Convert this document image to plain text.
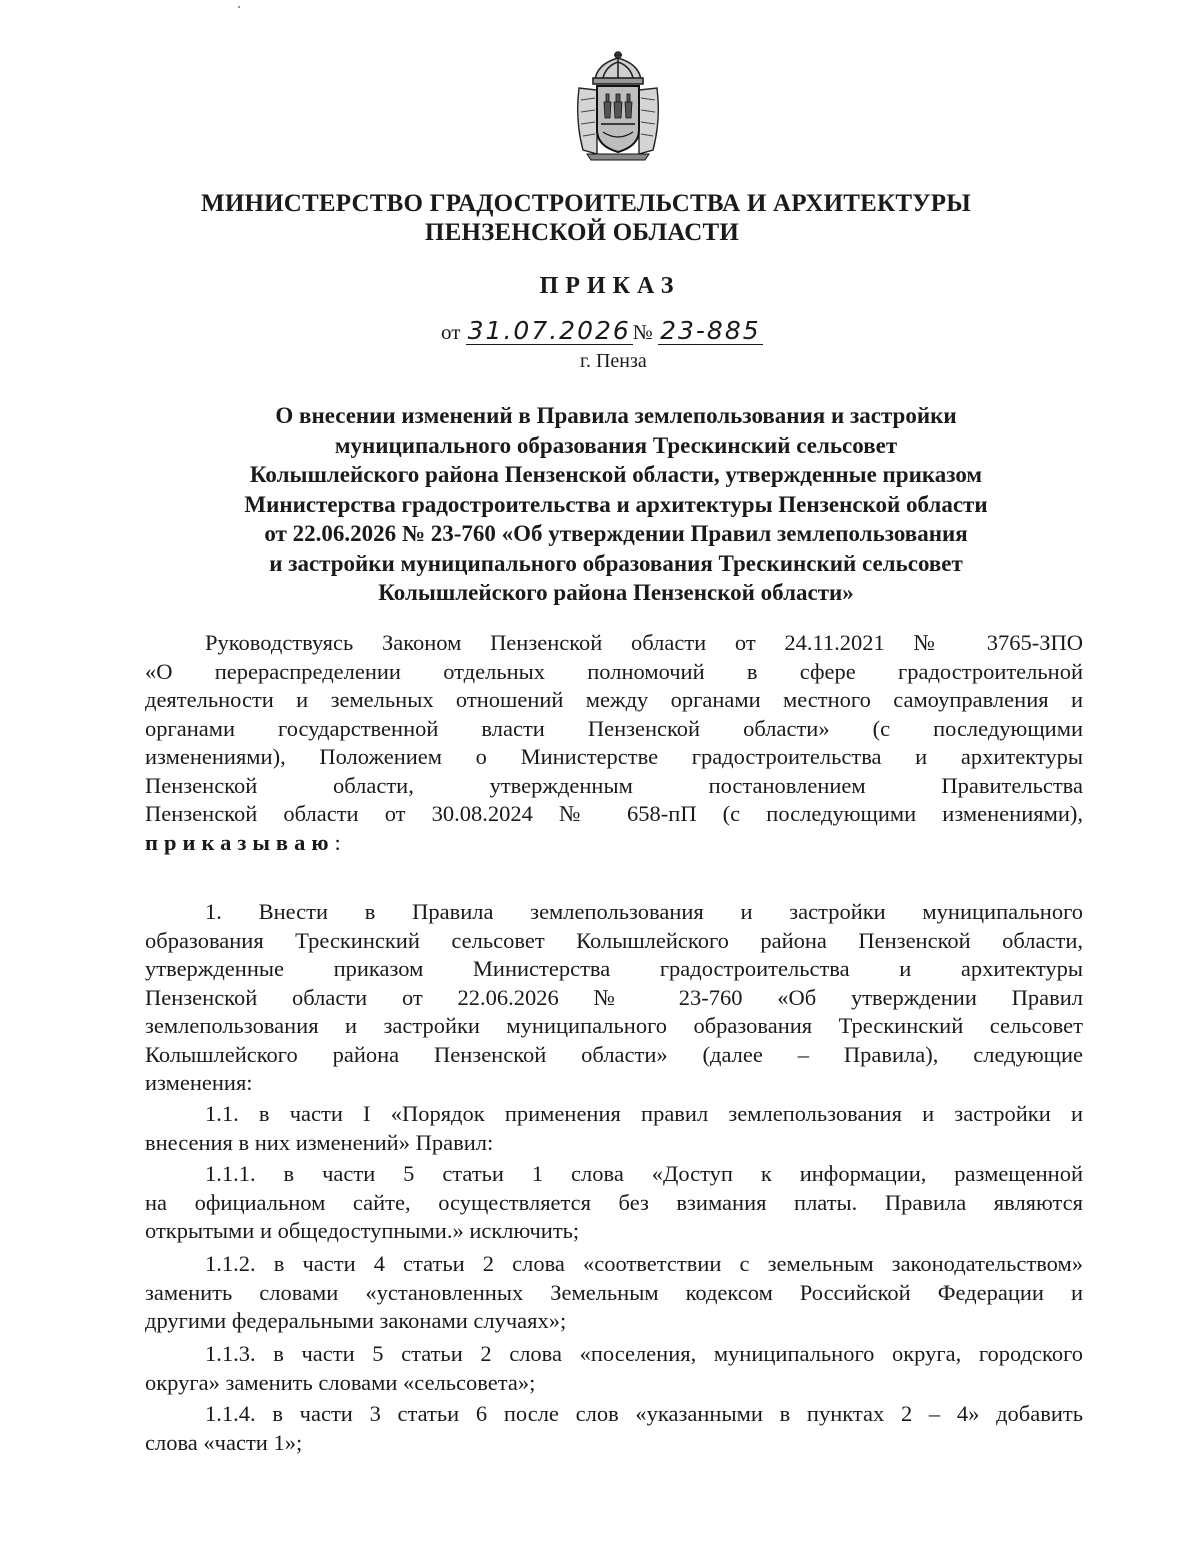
МИНИСТЕРСТВО ГРАДОСТРОИТЕЛЬСТВА И АРХИТЕКТУРЫ
ПЕНЗЕНСКОЙ ОБЛАСТИ
ПРИКАЗ
от 31.07.2026№ 23-885
г. Пенза
О внесении изменений в Правила землепользования и застройки
муниципального образования Трескинский сельсовет
Колышлейского района Пензенской области, утвержденные приказом
Министерства градостроительства и архитектуры Пензенской области
от 22.06.2026 № 23-760 «Об утверждении Правил землепользования
и застройки муниципального образования Трескинский сельсовет
Колышлейского района Пензенской области»
Руководствуясь Законом Пензенской области от 24.11.2021 № 3765-ЗПО
«О перераспределении отдельных полномочий в сфере градостроительной
деятельности и земельных отношений между органами местного самоуправления и
органами государственной власти Пензенской области» (с последующими
изменениями), Положением о Министерстве градостроительства и архитектуры
Пензенской области, утвержденным постановлением Правительства
Пензенской области от 30.08.2024 № 658-пП (с последующими изменениями),
приказываю:
1. Внести в Правила землепользования и застройки муниципального
образования Трескинский сельсовет Колышлейского района Пензенской области,
утвержденные приказом Министерства градостроительства и архитектуры
Пензенской области от 22.06.2026 № 23-760 «Об утверждении Правил
землепользования и застройки муниципального образования Трескинский сельсовет
Колышлейского района Пензенской области» (далее – Правила), следующие
изменения:
1.1. в части I «Порядок применения правил землепользования и застройки и
внесения в них изменений» Правил:
1.1.1. в части 5 статьи 1 слова «Доступ к информации, размещенной
на официальном сайте, осуществляется без взимания платы. Правила являются
открытыми и общедоступными.» исключить;
1.1.2. в части 4 статьи 2 слова «соответствии с земельным законодательством»
заменить словами «установленных Земельным кодексом Российской Федерации и
другими федеральными законами случаях»;
1.1.3. в части 5 статьи 2 слова «поселения, муниципального округа, городского
округа» заменить словами «сельсовета»;
1.1.4. в части 3 статьи 6 после слов «указанными в пунктах 2 – 4» добавить
слова «части 1»;
